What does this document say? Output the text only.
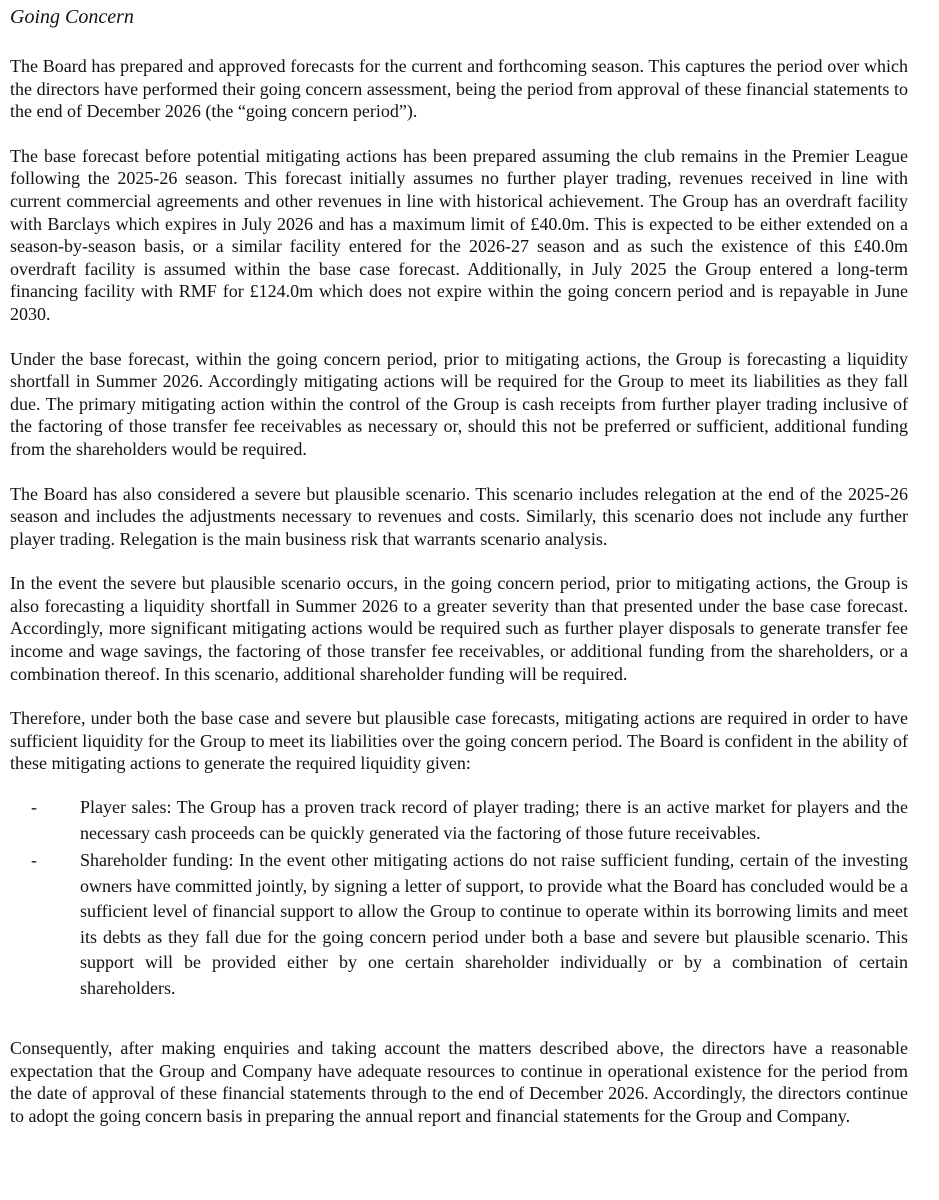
Going Concern

The Board has prepared and approved forecasts for the current and forthcoming season. This captures the period over which the directors have performed their going concern assessment, being the period from approval of these financial statements to the end of December 2026 (the “going concern period”).

The base forecast before potential mitigating actions has been prepared assuming the club remains in the Premier League following the 2025-26 season. This forecast initially assumes no further player trading, revenues received in line with current commercial agreements and other revenues in line with historical achievement. The Group has an overdraft facility with Barclays which expires in July 2026 and has a maximum limit of £40.0m. This is expected to be either extended on a season-by-season basis, or a similar facility entered for the 2026-27 season and as such the existence of this £40.0m overdraft facility is assumed within the base case forecast. Additionally, in July 2025 the Group entered a long-term financing facility with RMF for £124.0m which does not expire within the going concern period and is repayable in June 2030.

Under the base forecast, within the going concern period, prior to mitigating actions, the Group is forecasting a liquidity shortfall in Summer 2026. Accordingly mitigating actions will be required for the Group to meet its liabilities as they fall due. The primary mitigating action within the control of the Group is cash receipts from further player trading inclusive of the factoring of those transfer fee receivables as necessary or, should this not be preferred or sufficient, additional funding from the shareholders would be required.

The Board has also considered a severe but plausible scenario. This scenario includes relegation at the end of the 2025-26 season and includes the adjustments necessary to revenues and costs. Similarly, this scenario does not include any further player trading. Relegation is the main business risk that warrants scenario analysis.

In the event the severe but plausible scenario occurs, in the going concern period, prior to mitigating actions, the Group is also forecasting a liquidity shortfall in Summer 2026 to a greater severity than that presented under the base case forecast. Accordingly, more significant mitigating actions would be required such as further player disposals to generate transfer fee income and wage savings, the factoring of those transfer fee receivables, or additional funding from the shareholders, or a combination thereof. In this scenario, additional shareholder funding will be required.

Therefore, under both the base case and severe but plausible case forecasts, mitigating actions are required in order to have sufficient liquidity for the Group to meet its liabilities over the going concern period. The Board is confident in the ability of these mitigating actions to generate the required liquidity given:

- Player sales: The Group has a proven track record of player trading; there is an active market for players and the necessary cash proceeds can be quickly generated via the factoring of those future receivables.
- Shareholder funding: In the event other mitigating actions do not raise sufficient funding, certain of the investing owners have committed jointly, by signing a letter of support, to provide what the Board has concluded would be a sufficient level of financial support to allow the Group to continue to operate within its borrowing limits and meet its debts as they fall due for the going concern period under both a base and severe but plausible scenario. This support will be provided either by one certain shareholder individually or by a combination of certain shareholders.

Consequently, after making enquiries and taking account the matters described above, the directors have a reasonable expectation that the Group and Company have adequate resources to continue in operational existence for the period from the date of approval of these financial statements through to the end of December 2026. Accordingly, the directors continue to adopt the going concern basis in preparing the annual report and financial statements for the Group and Company.
